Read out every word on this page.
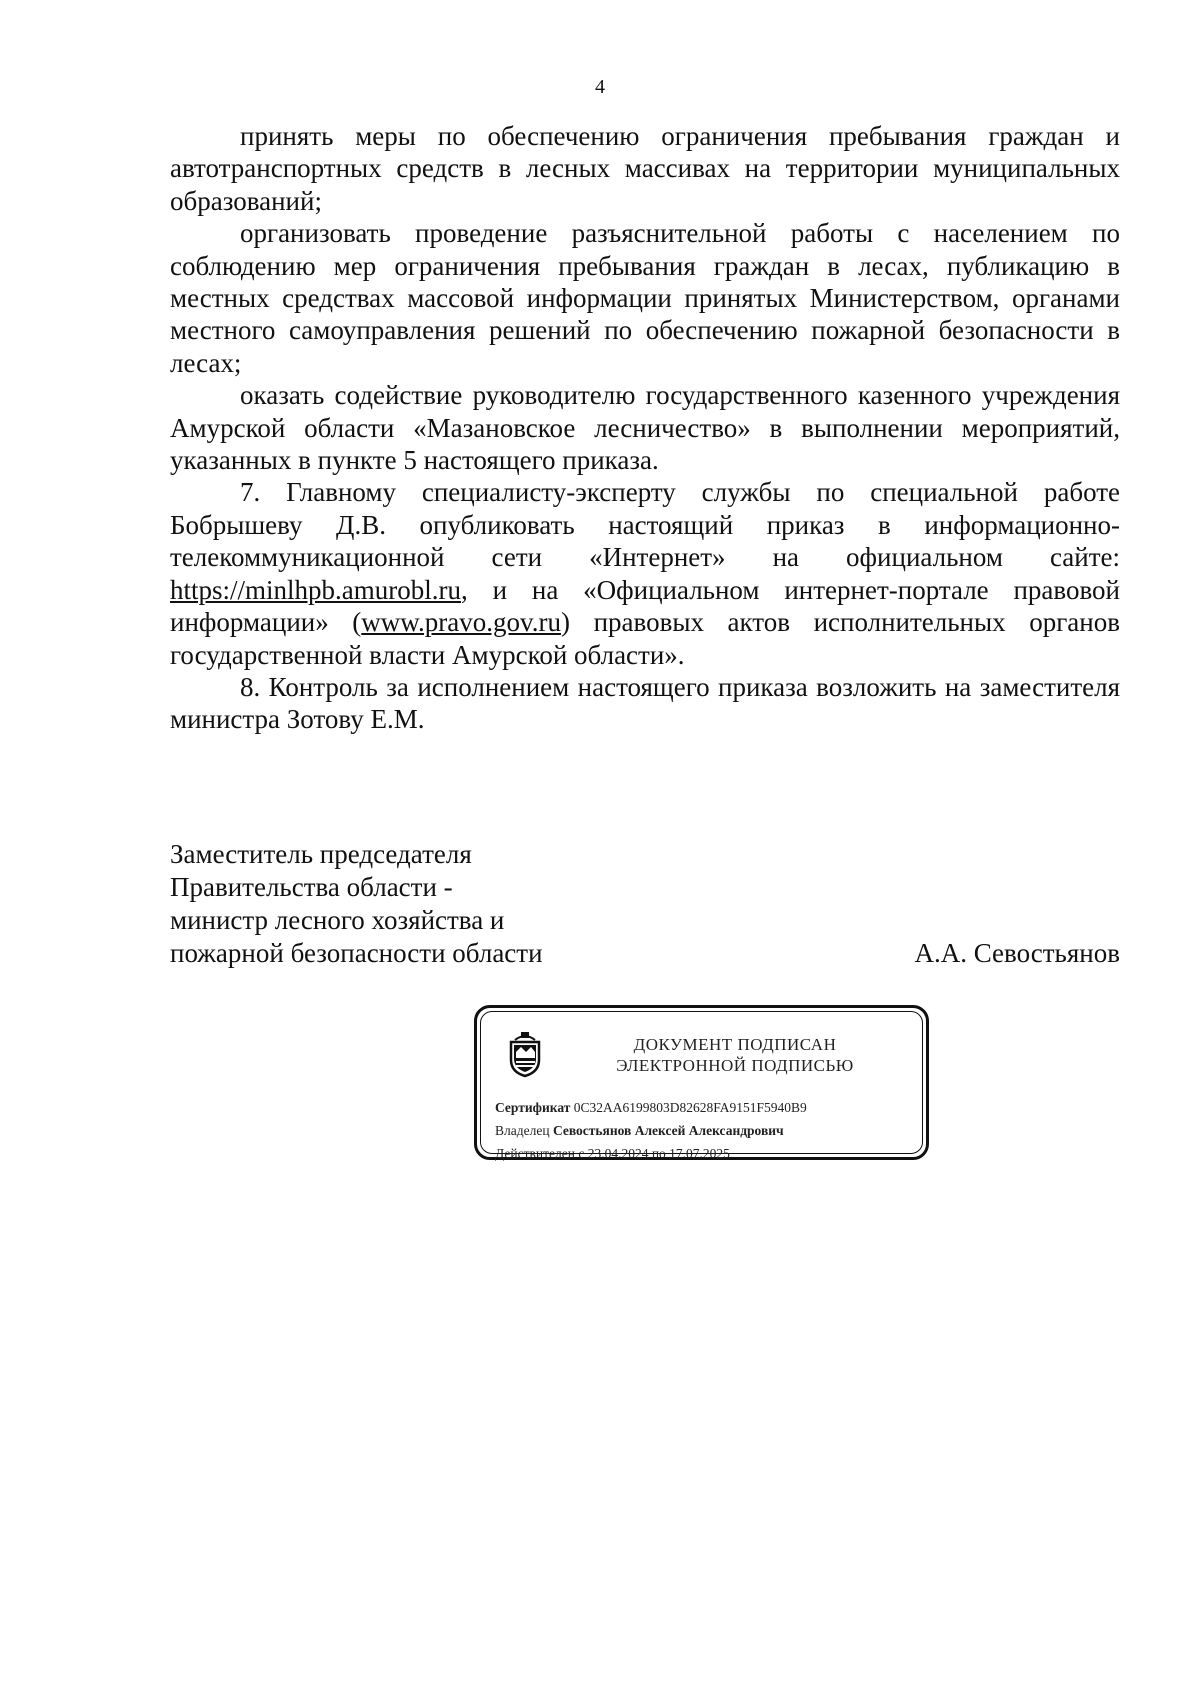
4

принять меры по обеспечению ограничения пребывания граждан и автотранспортных средств в лесных массивах на территории муниципальных образований;

организовать проведение разъяснительной работы с населением по соблюдению мер ограничения пребывания граждан в лесах, публикацию в местных средствах массовой информации принятых Министерством, органами местного самоуправления решений по обеспечению пожарной безопасности в лесах;

оказать содействие руководителю государственного казенного учреждения Амурской области «Мазановское лесничество» в выполнении мероприятий, указанных в пункте 5 настоящего приказа.

7. Главному специалисту-эксперту службы по специальной работе Бобрышеву Д.В. опубликовать настоящий приказ в информационно-телекоммуникационной сети «Интернет» на официальном сайте: https://minlhpb.amurobl.ru, и на «Официальном интернет-портале правовой информации» (www.pravo.gov.ru) правовых актов исполнительных органов государственной власти Амурской области».

8. Контроль за исполнением настоящего приказа возложить на заместителя министра Зотову Е.М.

Заместитель председателя
Правительства области -
министр лесного хозяйства и
пожарной безопасности области	А.А. Севостьянов
ДОКУМЕНТ ПОДПИСАН
ЭЛЕКТРОННОЙ ПОДПИСЬЮ
Сертификат 0C32AA6199803D82628FA9151F5940B9
Владелец Севостьянов Алексей Александрович
Действителен с 23.04.2024 по 17.07.2025
